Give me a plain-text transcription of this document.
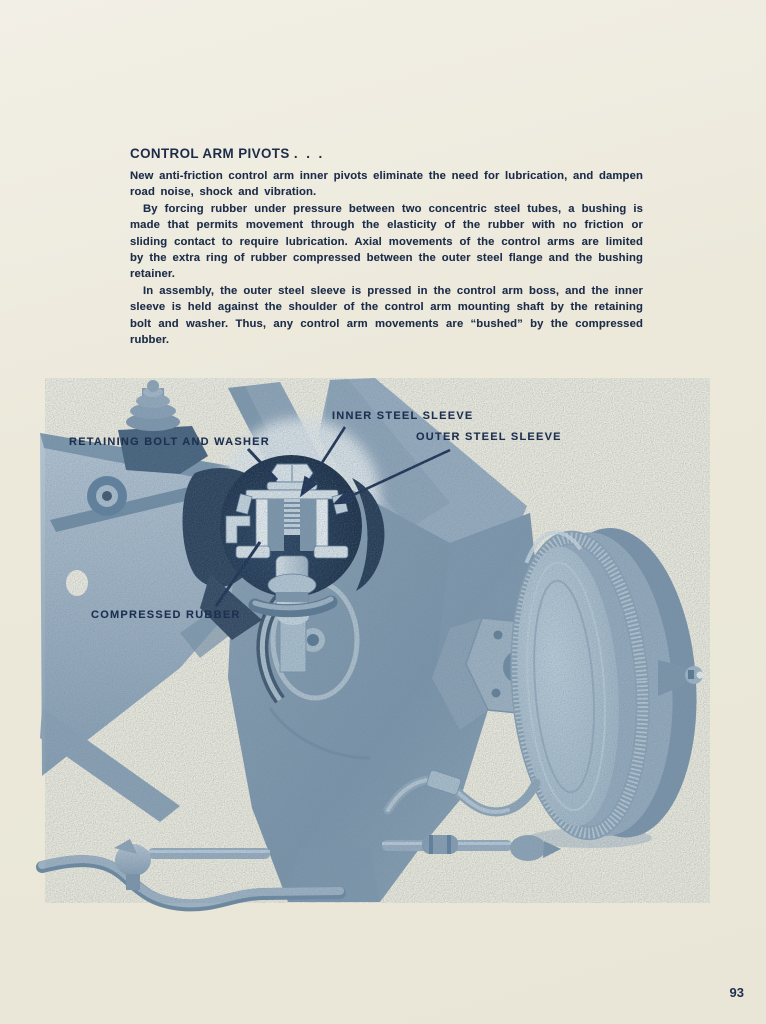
CONTROL ARM PIVOTS .  .  .

New anti-friction control arm inner pivots eliminate the need for lubrication, and dampen road noise, shock and vibration.

By forcing rubber under pressure between two concentric steel tubes, a bushing is made that permits movement through the elasticity of the rubber with no friction or sliding contact to require lubrication. Axial movements of the control arms are limited by the extra ring of rubber compressed between the outer steel flange and the bushing retainer.

In assembly, the outer steel sleeve is pressed in the control arm boss, and the inner sleeve is held against the shoulder of the control arm mounting shaft by the retaining bolt and washer. Thus, any control arm movements are “bushed” by the compressed rubber.

INNER STEEL SLEEVE
OUTER STEEL SLEEVE
RETAINING BOLT AND WASHER
COMPRESSED RUBBER
93
